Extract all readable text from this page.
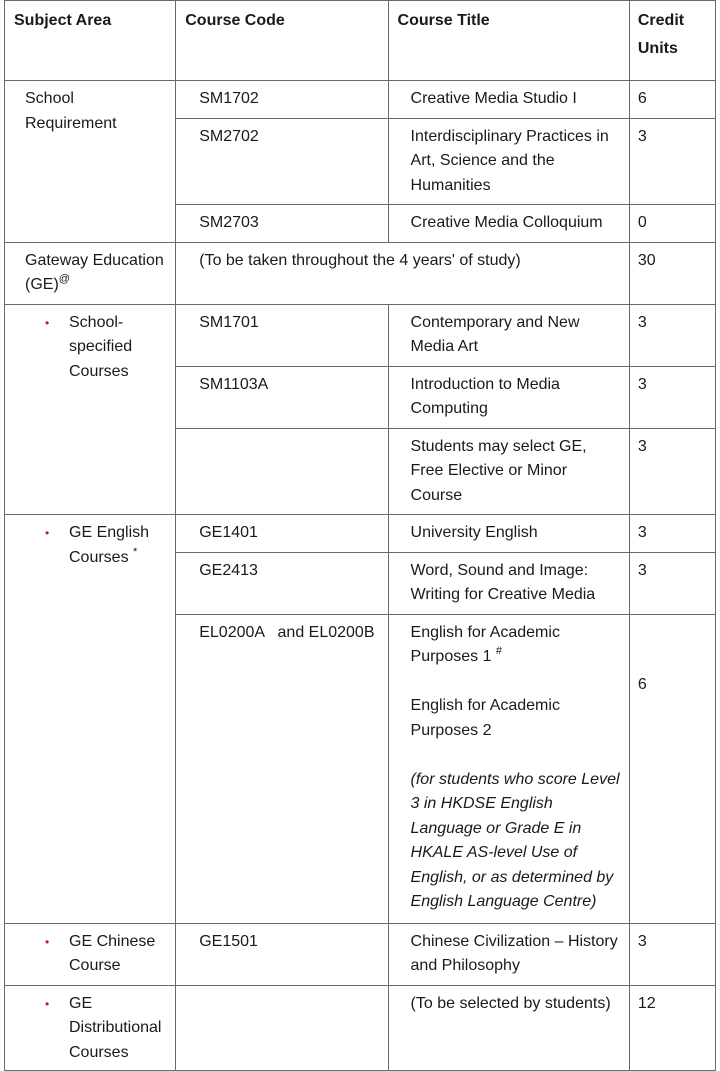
Subject Area	Course Code	Course Title	Credit

Units
School Requirement	SM1702	Creative Media Studio I	6
	SM2702	Interdisciplinary Practices in Art, Science and the Humanities	3
	SM2703	Creative Media Colloquium	0
Gateway Education (GE)@	(To be taken throughout the 4 years' of study)		30

• School-specified Courses	SM1701	Contemporary and New Media Art	3
	SM1103A	Introduction to Media Computing	3
		Students may select GE, Free Elective or Minor Course	3

• GE English Courses *	GE1401	University English	3
	GE2413	Word, Sound and Image: Writing for Creative Media	3
	EL0200A   and EL0200B	English for Academic Purposes 1 #
English for Academic Purposes 2
(for students who score Level 3 in HKDSE English Language or Grade E in HKALE AS-level Use of English, or as determined by English Language Centre)	6

• GE Chinese Course	GE1501	Chinese Civilization – History and Philosophy	3

• GE Distributional Courses		(To be selected by students)	12
